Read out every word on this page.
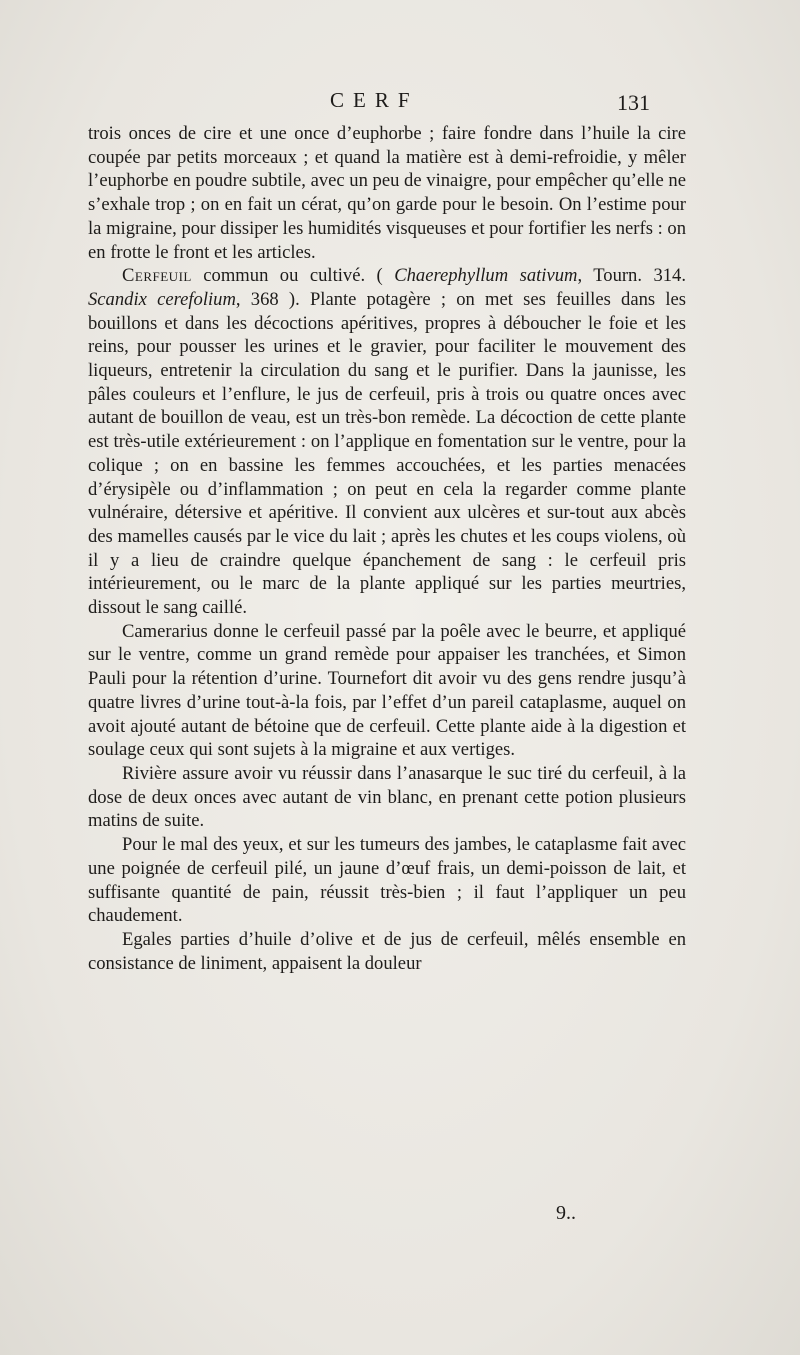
CERF	131

trois onces de cire et une once d’euphorbe ; faire fondre dans l’huile la cire coupée par petits morceaux ; et quand la matière est à demi-refroidie, y mêler l’euphorbe en poudre subtile, avec un peu de vinaigre, pour empêcher qu’elle ne s’exhale trop ; on en fait un cérat, qu’on garde pour le besoin. On l’estime pour la migraine, pour dissiper les humidités visqueuses et pour fortifier les nerfs : on en frotte le front et les articles.

Cerfeuil commun ou cultivé. ( Chaerephyllum sativum, Tourn. 314. Scandix cerefolium, 368 ). Plante potagère ; on met ses feuilles dans les bouillons et dans les décoctions apéritives, propres à déboucher le foie et les reins, pour pousser les urines et le gravier, pour faciliter le mouvement des liqueurs, entretenir la circulation du sang et le purifier. Dans la jaunisse, les pâles couleurs et l’enflure, le jus de cerfeuil, pris à trois ou quatre onces avec autant de bouillon de veau, est un très-bon remède. La décoction de cette plante est très-utile extérieurement : on l’applique en fomentation sur le ventre, pour la colique ; on en bassine les femmes accouchées, et les parties menacées d’érysipèle ou d’inflammation ; on peut en cela la regarder comme plante vulnéraire, détersive et apéritive. Il convient aux ulcères et sur-tout aux abcès des mamelles causés par le vice du lait ; après les chutes et les coups violens, où il y a lieu de craindre quelque épanchement de sang : le cerfeuil pris intérieurement, ou le marc de la plante appliqué sur les parties meurtries, dissout le sang caillé.

Camerarius donne le cerfeuil passé par la poêle avec le beurre, et appliqué sur le ventre, comme un grand remède pour appaiser les tranchées, et Simon Pauli pour la rétention d’urine. Tournefort dit avoir vu des gens rendre jusqu’à quatre livres d’urine tout-à-la fois, par l’effet d’un pareil cataplasme, auquel on avoit ajouté autant de bétoine que de cerfeuil. Cette plante aide à la digestion et soulage ceux qui sont sujets à la migraine et aux vertiges.

Rivière assure avoir vu réussir dans l’anasarque le suc tiré du cerfeuil, à la dose de deux onces avec autant de vin blanc, en prenant cette potion plusieurs matins de suite.

Pour le mal des yeux, et sur les tumeurs des jambes, le cataplasme fait avec une poignée de cerfeuil pilé, un jaune d’œuf frais, un demi-poisson de lait, et suffisante quantité de pain, réussit très-bien ; il faut l’appliquer un peu chaudement.

Egales parties d’huile d’olive et de jus de cerfeuil, mêlés ensemble en consistance de liniment, appaisent la douleur

9..
